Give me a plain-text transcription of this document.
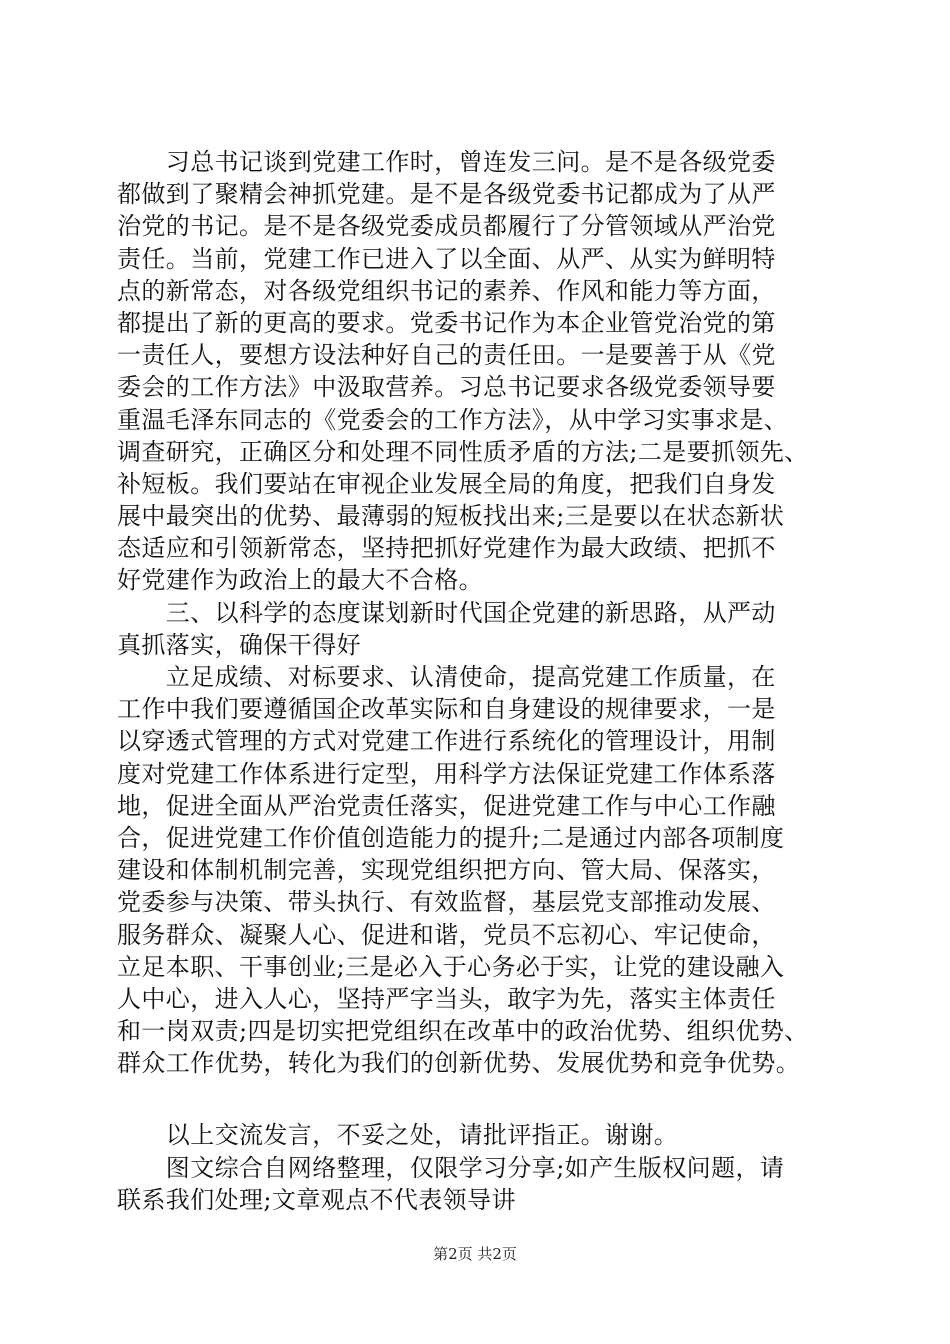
　　习总书记谈到党建工作时，曾连发三问。是不是各级党委
都做到了聚精会神抓党建。是不是各级党委书记都成为了从严
治党的书记。是不是各级党委成员都履行了分管领域从严治党
责任。当前，党建工作已进入了以全面、从严、从实为鲜明特
点的新常态，对各级党组织书记的素养、作风和能力等方面，
都提出了新的更高的要求。党委书记作为本企业管党治党的第
一责任人，要想方设法种好自己的责任田。一是要善于从《党
委会的工作方法》中汲取营养。习总书记要求各级党委领导要
重温毛泽东同志的《党委会的工作方法》，从中学习实事求是、
调查研究，正确区分和处理不同性质矛盾的方法;二是要抓领先、
补短板。我们要站在审视企业发展全局的角度，把我们自身发
展中最突出的优势、最薄弱的短板找出来;三是要以在状态新状
态适应和引领新常态，坚持把抓好党建作为最大政绩、把抓不
好党建作为政治上的最大不合格。
　　三、以科学的态度谋划新时代国企党建的新思路，从严动
真抓落实，确保干得好
　　立足成绩、对标要求、认清使命，提高党建工作质量，在
工作中我们要遵循国企改革实际和自身建设的规律要求，一是
以穿透式管理的方式对党建工作进行系统化的管理设计，用制
度对党建工作体系进行定型，用科学方法保证党建工作体系落
地，促进全面从严治党责任落实，促进党建工作与中心工作融
合，促进党建工作价值创造能力的提升;二是通过内部各项制度
建设和体制机制完善，实现党组织把方向、管大局、保落实，
党委参与决策、带头执行、有效监督，基层党支部推动发展、
服务群众、凝聚人心、促进和谐，党员不忘初心、牢记使命，
立足本职、干事创业;三是必入于心务必于实，让党的建设融入
人中心，进入人心，坚持严字当头，敢字为先，落实主体责任
和一岗双责;四是切实把党组织在改革中的政治优势、组织优势、
群众工作优势，转化为我们的创新优势、发展优势和竞争优势。
　　以上交流发言，不妥之处，请批评指正。谢谢。
　　图文综合自网络整理，仅限学习分享;如产生版权问题，请
联系我们处理;文章观点不代表领导讲
第2页 共2页
